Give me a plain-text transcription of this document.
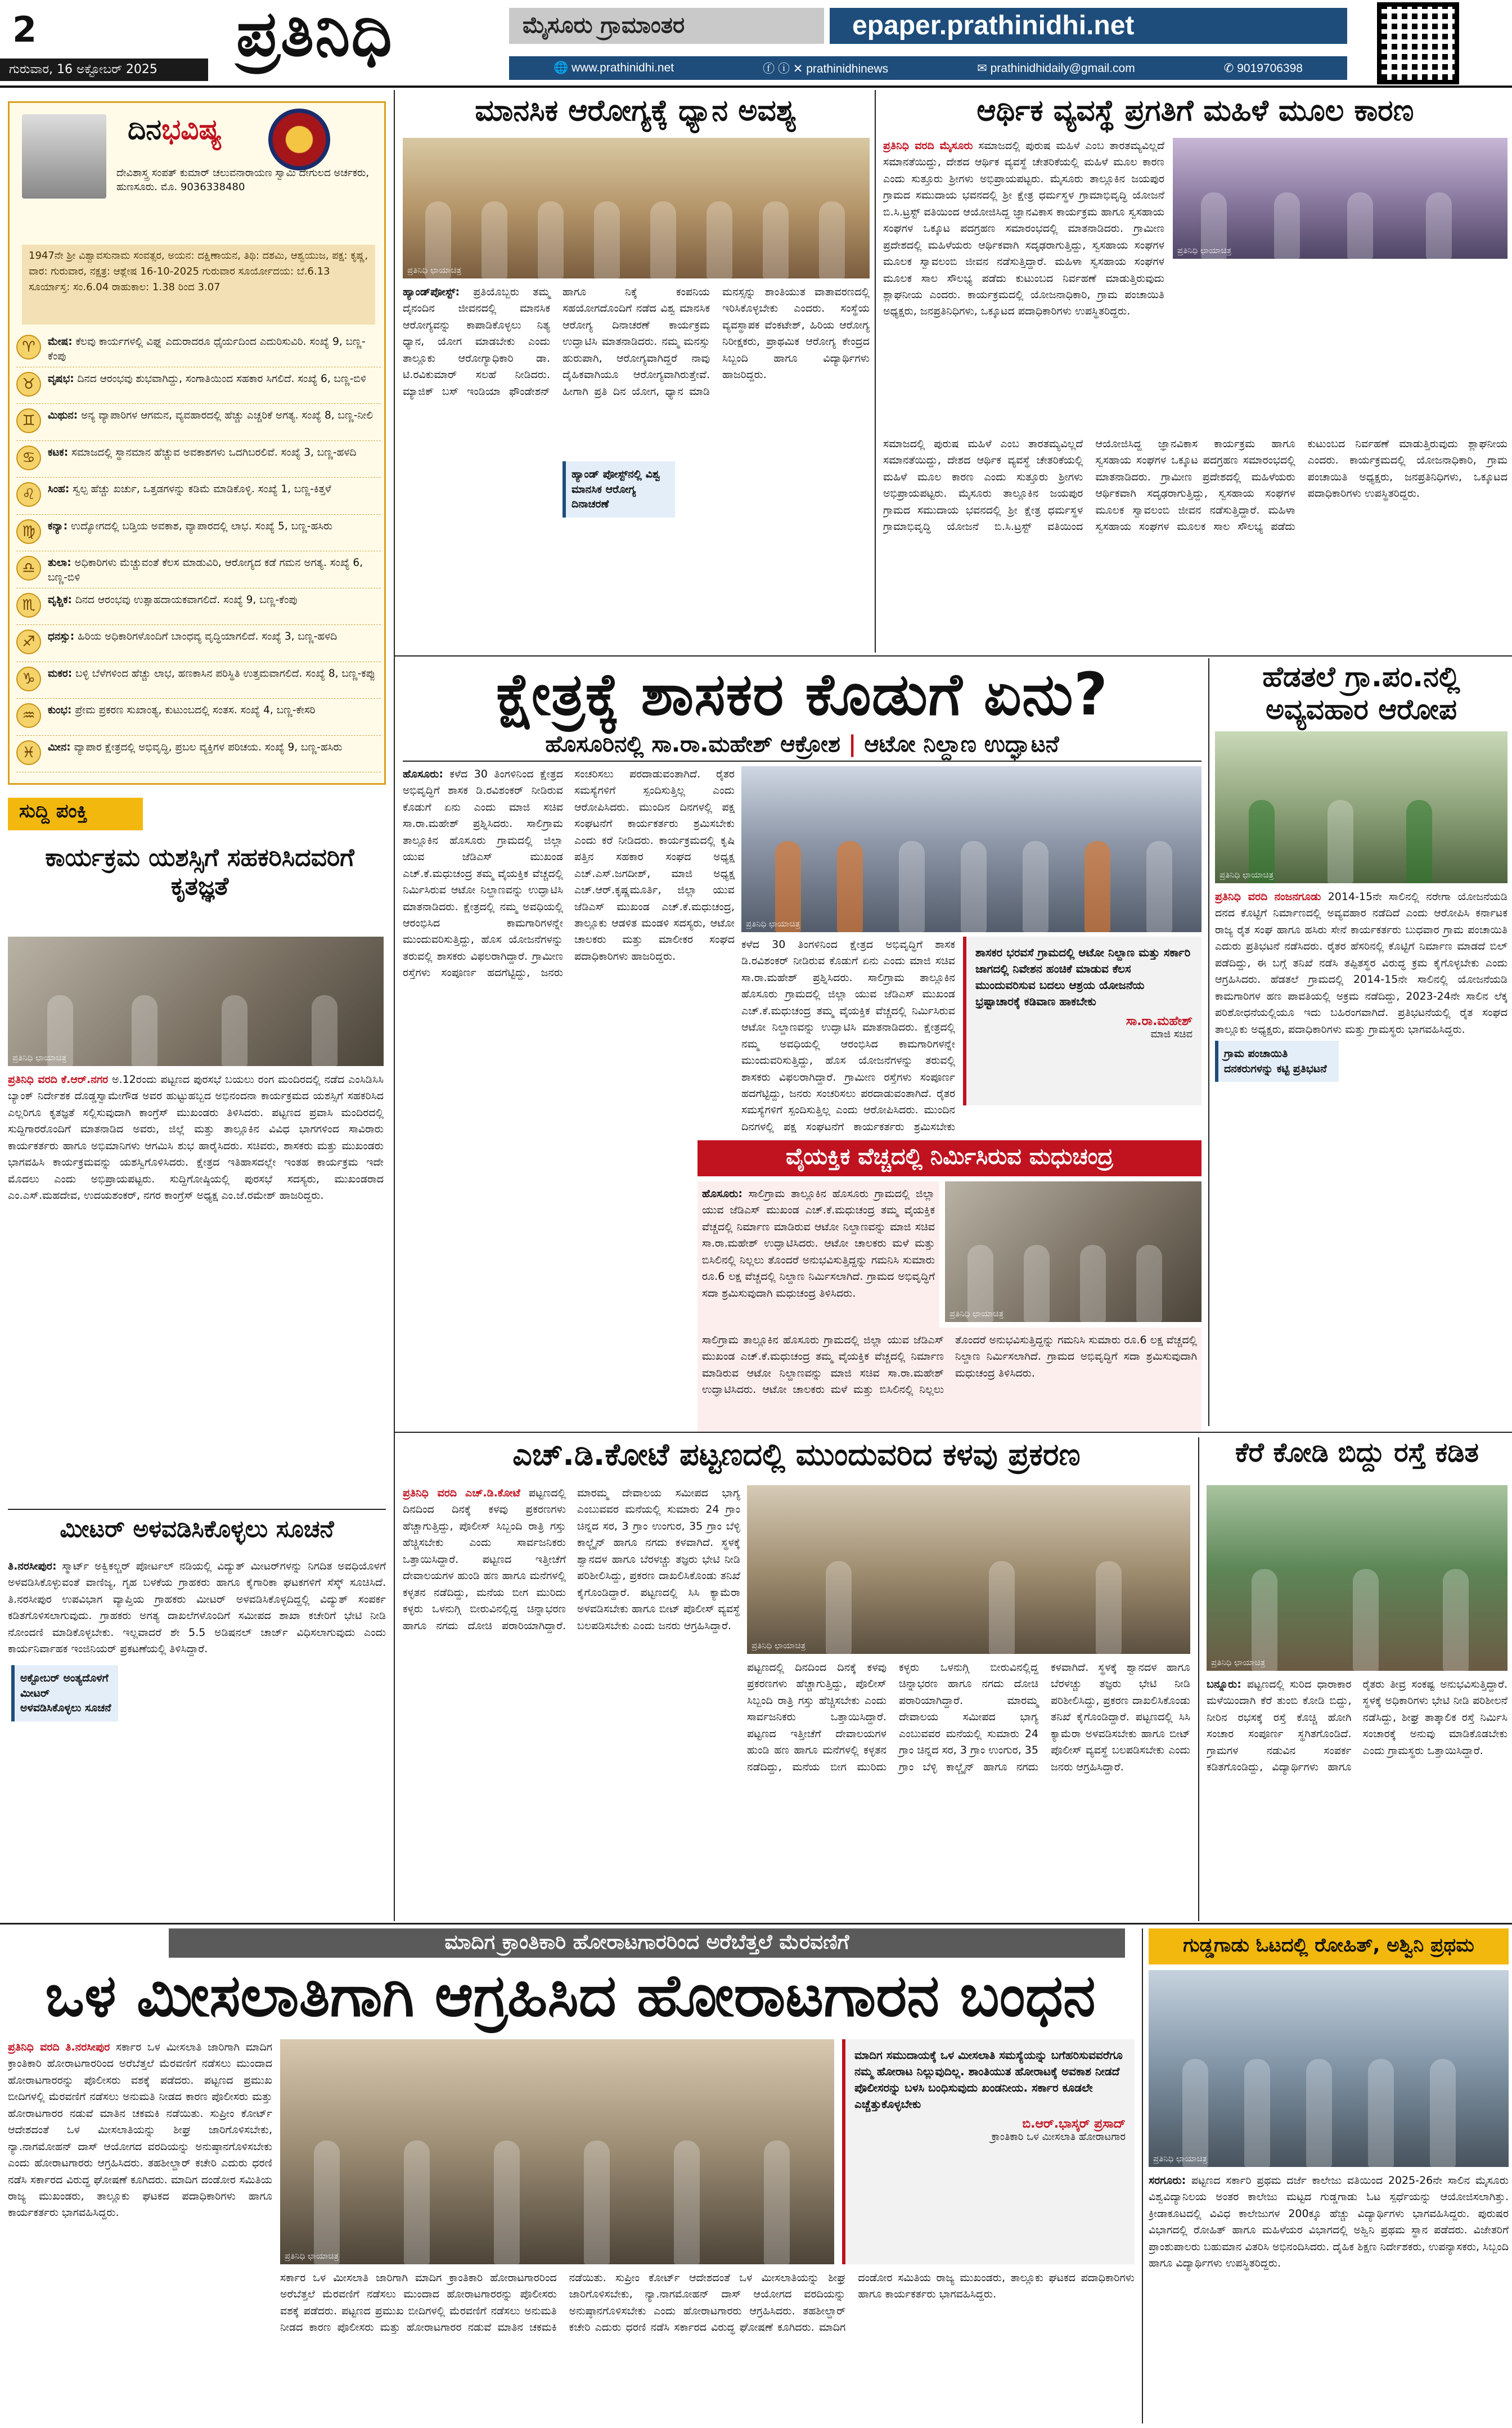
2
ಗುರುವಾರ, 16 ಅಕ್ಟೋಬರ್ 2025	ಪ್ರತಿನಿಧಿ	ಮೈಸೂರು ಗ್ರಾಮಾಂತರ	epaper.prathinidhi.net
🌐 www.prathinidhi.net	ⓕ ⓘ ✕ prathinidhinews	✉ prathinidhidaily@gmail.com	✆ 9019706398
ದಿನಭವಿಷ್ಯ
ದೇವಿಶಾಸ್ತ್ರ ಸಂಪತ್ ಕುಮಾರ್ ಚಲುವನಾರಾಯಣ ಸ್ವಾಮಿ ದೇಗುಲದ ಅರ್ಚಕರು, ಹುಣಸೂರು. ಮೊ. 9036338480
1947ನೇ ಶ್ರೀ ವಿಶ್ವಾವಸುನಾಮ ಸಂವತ್ಸರ, ಅಯನ: ದಕ್ಷಿಣಾಯನ, ತಿಥಿ: ದಶಮಿ, ಆಶ್ವಯುಜ, ಪಕ್ಷ: ಕೃಷ್ಣ, ವಾರ: ಗುರುವಾರ, ನಕ್ಷತ್ರ: ಆಶ್ಲೇಷ 16-10-2025 ಗುರುವಾರ ಸೂರ್ಯೋದಯ: ಬೆ.6.13 ಸೂರ್ಯಾಸ್ತ: ಸಂ.6.04 ರಾಹುಕಾಲ: 1.38 ರಿಂದ 3.07
♈	ಮೇಷ: ಕೆಲವು ಕಾರ್ಯಗಳಲ್ಲಿ ವಿಘ್ನ ಎದುರಾದರೂ ಧೈರ್ಯದಿಂದ ಎದುರಿಸುವಿರಿ. ಸಂಖ್ಯೆ 9, ಬಣ್ಣ-ಕೆಂಪು
♉	ವೃಷಭ: ದಿನದ ಆರಂಭವು ಶುಭವಾಗಿದ್ದು, ಸಂಗಾತಿಯಿಂದ ಸಹಕಾರ ಸಿಗಲಿದೆ. ಸಂಖ್ಯೆ 6, ಬಣ್ಣ-ಬಿಳಿ
♊	ಮಿಥುನ: ಅನ್ಯ ವ್ಯಾಪಾರಿಗಳ ಆಗಮನ, ವ್ಯವಹಾರದಲ್ಲಿ ಹೆಚ್ಚು ಎಚ್ಚರಿಕೆ ಅಗತ್ಯ. ಸಂಖ್ಯೆ 8, ಬಣ್ಣ-ನೀಲಿ
♋	ಕಟಕ: ಸಮಾಜದಲ್ಲಿ ಸ್ಥಾನಮಾನ ಹೆಚ್ಚುವ ಅವಕಾಶಗಳು ಒದಗಿಬರಲಿವೆ. ಸಂಖ್ಯೆ 3, ಬಣ್ಣ-ಹಳದಿ
♌	ಸಿಂಹ: ಸ್ವಲ್ಪ ಹೆಚ್ಚು ಖರ್ಚು, ಒತ್ತಡಗಳನ್ನು ಕಡಿಮೆ ಮಾಡಿಕೊಳ್ಳಿ. ಸಂಖ್ಯೆ 1, ಬಣ್ಣ-ಕಿತ್ತಳೆ
♍	ಕನ್ಯಾ: ಉದ್ಯೋಗದಲ್ಲಿ ಬಡ್ತಿಯ ಅವಕಾಶ, ವ್ಯಾಪಾರದಲ್ಲಿ ಲಾಭ. ಸಂಖ್ಯೆ 5, ಬಣ್ಣ-ಹಸಿರು
♎	ತುಲಾ: ಅಧಿಕಾರಿಗಳು ಮೆಚ್ಚುವಂತೆ ಕೆಲಸ ಮಾಡುವಿರಿ, ಆರೋಗ್ಯದ ಕಡೆ ಗಮನ ಅಗತ್ಯ. ಸಂಖ್ಯೆ 6, ಬಣ್ಣ-ಬಿಳಿ
♏	ವೃಶ್ಚಿಕ: ದಿನದ ಆರಂಭವು ಉತ್ಸಾಹದಾಯಕವಾಗಲಿದೆ. ಸಂಖ್ಯೆ 9, ಬಣ್ಣ-ಕೆಂಪು
♐	ಧನಸ್ಸು: ಹಿರಿಯ ಅಧಿಕಾರಿಗಳೊಂದಿಗೆ ಬಾಂಧವ್ಯ ವೃದ್ಧಿಯಾಗಲಿದೆ. ಸಂಖ್ಯೆ 3, ಬಣ್ಣ-ಹಳದಿ
♑	ಮಕರ: ಬಳ್ಳಿ ಬೆಳೆಗಳಿಂದ ಹೆಚ್ಚು ಲಾಭ, ಹಣಕಾಸಿನ ಪರಿಸ್ಥಿತಿ ಉತ್ತಮವಾಗಲಿದೆ. ಸಂಖ್ಯೆ 8, ಬಣ್ಣ-ಕಪ್ಪು
♒	ಕುಂಭ: ಪ್ರೇಮ ಪ್ರಕರಣ ಸುಖಾಂತ್ಯ, ಕುಟುಂಬದಲ್ಲಿ ಸಂತಸ. ಸಂಖ್ಯೆ 4, ಬಣ್ಣ-ಕೇಸರಿ
♓	ಮೀನ: ವ್ಯಾಪಾರ ಕ್ಷೇತ್ರದಲ್ಲಿ ಅಭಿವೃದ್ಧಿ, ಪ್ರಬಲ ವ್ಯಕ್ತಿಗಳ ಪರಿಚಯ. ಸಂಖ್ಯೆ 9, ಬಣ್ಣ-ಹಸಿರು
ಸುದ್ದಿ ಪಂಕ್ತಿ
ಕಾರ್ಯಕ್ರಮ ಯಶಸ್ಸಿಗೆ ಸಹಕರಿಸಿದವರಿಗೆ ಕೃತಜ್ಞತೆ
ಪ್ರತಿನಿಧಿ ಛಾಯಾಚಿತ್ರ
ಪ್ರತಿನಿಧಿ ವರದಿ ಕೆ.ಆರ್.ನಗರ ಅ.12ರಂದು ಪಟ್ಟಣದ ಪುರಸಭೆ ಬಯಲು ರಂಗ ಮಂದಿರದಲ್ಲಿ ನಡೆದ ಎಂಸಿಡಿಸಿಸಿ ಬ್ಯಾಂಕ್ ನಿರ್ದೇಶಕ ದೊಡ್ಡಸ್ವಾಮೇಗೌಡ ಅವರ ಹುಟ್ಟುಹಬ್ಬದ ಅಭಿನಂದನಾ ಕಾರ್ಯಕ್ರಮದ ಯಶಸ್ಸಿಗೆ ಸಹಕರಿಸಿದ ಎಲ್ಲರಿಗೂ ಕೃತಜ್ಞತೆ ಸಲ್ಲಿಸುವುದಾಗಿ ಕಾಂಗ್ರೆಸ್ ಮುಖಂಡರು ತಿಳಿಸಿದರು. ಪಟ್ಟಣದ ಪ್ರವಾಸಿ ಮಂದಿರದಲ್ಲಿ ಸುದ್ದಿಗಾರರೊಂದಿಗೆ ಮಾತನಾಡಿದ ಅವರು, ಜಿಲ್ಲೆ ಮತ್ತು ತಾಲ್ಲೂಕಿನ ವಿವಿಧ ಭಾಗಗಳಿಂದ ಸಾವಿರಾರು ಕಾರ್ಯಕರ್ತರು ಹಾಗೂ ಅಭಿಮಾನಿಗಳು ಆಗಮಿಸಿ ಶುಭ ಹಾರೈಸಿದರು. ಸಚಿವರು, ಶಾಸಕರು ಮತ್ತು ಮುಖಂಡರು ಭಾಗವಹಿಸಿ ಕಾರ್ಯಕ್ರಮವನ್ನು ಯಶಸ್ವಿಗೊಳಿಸಿದರು. ಕ್ಷೇತ್ರದ ಇತಿಹಾಸದಲ್ಲೇ ಇಂತಹ ಕಾರ್ಯಕ್ರಮ ಇದೇ ಮೊದಲು ಎಂದು ಅಭಿಪ್ರಾಯಪಟ್ಟರು. ಸುದ್ದಿಗೋಷ್ಠಿಯಲ್ಲಿ ಪುರಸಭೆ ಸದಸ್ಯರು, ಮುಖಂಡರಾದ ಎಂ.ಎಸ್.ಮಹದೇವ, ಉದಯಶಂಕರ್, ನಗರ ಕಾಂಗ್ರೆಸ್ ಅಧ್ಯಕ್ಷ ಎಂ.ಜೆ.ರಮೇಶ್ ಹಾಜರಿದ್ದರು.
ಮೀಟರ್ ಅಳವಡಿಸಿಕೊಳ್ಳಲು ಸೂಚನೆ
ತಿ.ನರಸೀಪುರ: ಸ್ಮಾರ್ಟ್ ಅಕ್ವಿಕಲ್ಚರ್ ಪೋರ್ಟಲ್ ನಡಿಯಲ್ಲಿ ವಿದ್ಯುತ್ ಮೀಟರ್‌ಗಳನ್ನು ನಿಗದಿತ ಅವಧಿಯೊಳಗೆ ಅಳವಡಿಸಿಕೊಳ್ಳುವಂತೆ ವಾಣಿಜ್ಯ, ಗೃಹ ಬಳಕೆಯ ಗ್ರಾಹಕರು ಹಾಗೂ ಕೈಗಾರಿಕಾ ಘಟಕಗಳಿಗೆ ಸೆಸ್ಕ್ ಸೂಚಿಸಿದೆ. ತಿ.ನರಸೀಪುರ ಉಪವಿಭಾಗ ವ್ಯಾಪ್ತಿಯ ಗ್ರಾಹಕರು ಮೀಟರ್ ಅಳವಡಿಸಿಕೊಳ್ಳದಿದ್ದಲ್ಲಿ ವಿದ್ಯುತ್ ಸಂಪರ್ಕ ಕಡಿತಗೊಳಿಸಲಾಗುವುದು. ಗ್ರಾಹಕರು ಅಗತ್ಯ ದಾಖಲೆಗಳೊಂದಿಗೆ ಸಮೀಪದ ಶಾಖಾ ಕಚೇರಿಗೆ ಭೇಟಿ ನೀಡಿ ನೋಂದಣಿ ಮಾಡಿಕೊಳ್ಳಬೇಕು. ಇಲ್ಲವಾದರೆ ಶೇ 5.5 ಅಡಿಷನಲ್ ಚಾರ್ಜ್ ವಿಧಿಸಲಾಗುವುದು ಎಂದು ಕಾರ್ಯನಿರ್ವಾಹಕ ಇಂಜಿನಿಯರ್ ಪ್ರಕಟಣೆಯಲ್ಲಿ ತಿಳಿಸಿದ್ದಾರೆ.
ಅಕ್ಟೋಬರ್ ಅಂತ್ಯದೊಳಗೆ ಮೀಟರ್ ಅಳವಡಿಸಿಕೊಳ್ಳಲು ಸೂಚನೆ
ಮಾನಸಿಕ ಆರೋಗ್ಯಕ್ಕೆ ಧ್ಯಾನ ಅವಶ್ಯ
ಪ್ರತಿನಿಧಿ ಛಾಯಾಚಿತ್ರ
ಹ್ಯಾಂಡ್‌ಪೋಸ್ಟ್: ಪ್ರತಿಯೊಬ್ಬರು ತಮ್ಮ ದೈನಂದಿನ ಜೀವನದಲ್ಲಿ ಮಾನಸಿಕ ಆರೋಗ್ಯವನ್ನು ಕಾಪಾಡಿಕೊಳ್ಳಲು ನಿತ್ಯ ಧ್ಯಾನ, ಯೋಗ ಮಾಡಬೇಕು ಎಂದು ತಾಲ್ಲೂಕು ಆರೋಗ್ಯಾಧಿಕಾರಿ ಡಾ. ಟಿ.ರವಿಕುಮಾರ್ ಸಲಹೆ ನೀಡಿದರು. ಮ್ಯಾಜಿಕ್ ಬಸ್ ಇಂಡಿಯಾ ಫೌಂಡೇಶನ್ ಹಾಗೂ ನಿಕ್ಕೆ ಕಂಪನಿಯ ಸಹಯೋಗದೊಂದಿಗೆ ನಡೆದ ವಿಶ್ವ ಮಾನಸಿಕ ಆರೋಗ್ಯ ದಿನಾಚರಣೆ ಕಾರ್ಯಕ್ರಮ ಉದ್ಘಾಟಿಸಿ ಮಾತನಾಡಿದರು. ನಮ್ಮ ಮನಸ್ಸು ಹುರುಪಾಗಿ, ಆರೋಗ್ಯವಾಗಿದ್ದರೆ ನಾವು ದೈಹಿಕವಾಗಿಯೂ ಆರೋಗ್ಯವಾಗಿರುತ್ತೇವೆ. ಹೀಗಾಗಿ ಪ್ರತಿ ದಿನ ಯೋಗ, ಧ್ಯಾನ ಮಾಡಿ ಮನಸ್ಸನ್ನು ಶಾಂತಿಯುತ ವಾತಾವರಣದಲ್ಲಿ ಇರಿಸಿಕೊಳ್ಳಬೇಕು ಎಂದರು. ಸಂಸ್ಥೆಯ ವ್ಯವಸ್ಥಾಪಕ ವೆಂಕಟೇಶ್, ಹಿರಿಯ ಆರೋಗ್ಯ ನಿರೀಕ್ಷಕರು, ಪ್ರಾಥಮಿಕ ಆರೋಗ್ಯ ಕೇಂದ್ರದ ಸಿಬ್ಬಂದಿ ಹಾಗೂ ವಿದ್ಯಾರ್ಥಿಗಳು ಹಾಜರಿದ್ದರು.
ಹ್ಯಾಂಡ್ ಪೋಸ್ಟ್‌ನಲ್ಲಿ ವಿಶ್ವ ಮಾನಸಿಕ ಆರೋಗ್ಯ ದಿನಾಚರಣೆ
ಆರ್ಥಿಕ ವ್ಯವಸ್ಥೆ ಪ್ರಗತಿಗೆ ಮಹಿಳೆ ಮೂಲ ಕಾರಣ
ಪ್ರತಿನಿಧಿ ವರದಿ ಮೈಸೂರು ಸಮಾಜದಲ್ಲಿ ಪುರುಷ ಮಹಿಳೆ ಎಂಬ ತಾರತಮ್ಯವಿಲ್ಲದೆ ಸಮಾನತೆಯಿದ್ದು, ದೇಶದ ಆರ್ಥಿಕ ವ್ಯವಸ್ಥೆ ಚೇತರಿಕೆಯಲ್ಲಿ ಮಹಿಳೆ ಮೂಲ ಕಾರಣ ಎಂದು ಸುತ್ತೂರು ಶ್ರೀಗಳು ಅಭಿಪ್ರಾಯಪಟ್ಟರು. ಮೈಸೂರು ತಾಲ್ಲೂಕಿನ ಜಯಪುರ ಗ್ರಾಮದ ಸಮುದಾಯ ಭವನದಲ್ಲಿ ಶ್ರೀ ಕ್ಷೇತ್ರ ಧರ್ಮಸ್ಥಳ ಗ್ರಾಮಾಭಿವೃದ್ಧಿ ಯೋಜನೆ ಬಿ.ಸಿ.ಟ್ರಸ್ಟ್ ವತಿಯಿಂದ ಆಯೋಜಿಸಿದ್ದ ಜ್ಞಾನವಿಕಾಸ ಕಾರ್ಯಕ್ರಮ ಹಾಗೂ ಸ್ವಸಹಾಯ ಸಂಘಗಳ ಒಕ್ಕೂಟ ಪದಗ್ರಹಣ ಸಮಾರಂಭದಲ್ಲಿ ಮಾತನಾಡಿದರು. ಗ್ರಾಮೀಣ ಪ್ರದೇಶದಲ್ಲಿ ಮಹಿಳೆಯರು ಆರ್ಥಿಕವಾಗಿ ಸದೃಢರಾಗುತ್ತಿದ್ದು, ಸ್ವಸಹಾಯ ಸಂಘಗಳ ಮೂಲಕ ಸ್ವಾವಲಂಬಿ ಜೀವನ ನಡೆಸುತ್ತಿದ್ದಾರೆ. ಮಹಿಳಾ ಸ್ವಸಹಾಯ ಸಂಘಗಳ ಮೂಲಕ ಸಾಲ ಸೌಲಭ್ಯ ಪಡೆದು ಕುಟುಂಬದ ನಿರ್ವಹಣೆ ಮಾಡುತ್ತಿರುವುದು ಶ್ಲಾಘನೀಯ ಎಂದರು. ಕಾರ್ಯಕ್ರಮದಲ್ಲಿ ಯೋಜನಾಧಿಕಾರಿ, ಗ್ರಾಮ ಪಂಚಾಯಿತಿ ಅಧ್ಯಕ್ಷರು, ಜನಪ್ರತಿನಿಧಿಗಳು, ಒಕ್ಕೂಟದ ಪದಾಧಿಕಾರಿಗಳು ಉಪಸ್ಥಿತರಿದ್ದರು.
ಪ್ರತಿನಿಧಿ ಛಾಯಾಚಿತ್ರ
ಸಮಾಜದಲ್ಲಿ ಪುರುಷ ಮಹಿಳೆ ಎಂಬ ತಾರತಮ್ಯವಿಲ್ಲದೆ ಸಮಾನತೆಯಿದ್ದು, ದೇಶದ ಆರ್ಥಿಕ ವ್ಯವಸ್ಥೆ ಚೇತರಿಕೆಯಲ್ಲಿ ಮಹಿಳೆ ಮೂಲ ಕಾರಣ ಎಂದು ಸುತ್ತೂರು ಶ್ರೀಗಳು ಅಭಿಪ್ರಾಯಪಟ್ಟರು. ಮೈಸೂರು ತಾಲ್ಲೂಕಿನ ಜಯಪುರ ಗ್ರಾಮದ ಸಮುದಾಯ ಭವನದಲ್ಲಿ ಶ್ರೀ ಕ್ಷೇತ್ರ ಧರ್ಮಸ್ಥಳ ಗ್ರಾಮಾಭಿವೃದ್ಧಿ ಯೋಜನೆ ಬಿ.ಸಿ.ಟ್ರಸ್ಟ್ ವತಿಯಿಂದ ಆಯೋಜಿಸಿದ್ದ ಜ್ಞಾನವಿಕಾಸ ಕಾರ್ಯಕ್ರಮ ಹಾಗೂ ಸ್ವಸಹಾಯ ಸಂಘಗಳ ಒಕ್ಕೂಟ ಪದಗ್ರಹಣ ಸಮಾರಂಭದಲ್ಲಿ ಮಾತನಾಡಿದರು. ಗ್ರಾಮೀಣ ಪ್ರದೇಶದಲ್ಲಿ ಮಹಿಳೆಯರು ಆರ್ಥಿಕವಾಗಿ ಸದೃಢರಾಗುತ್ತಿದ್ದು, ಸ್ವಸಹಾಯ ಸಂಘಗಳ ಮೂಲಕ ಸ್ವಾವಲಂಬಿ ಜೀವನ ನಡೆಸುತ್ತಿದ್ದಾರೆ. ಮಹಿಳಾ ಸ್ವಸಹಾಯ ಸಂಘಗಳ ಮೂಲಕ ಸಾಲ ಸೌಲಭ್ಯ ಪಡೆದು ಕುಟುಂಬದ ನಿರ್ವಹಣೆ ಮಾಡುತ್ತಿರುವುದು ಶ್ಲಾಘನೀಯ ಎಂದರು. ಕಾರ್ಯಕ್ರಮದಲ್ಲಿ ಯೋಜನಾಧಿಕಾರಿ, ಗ್ರಾಮ ಪಂಚಾಯಿತಿ ಅಧ್ಯಕ್ಷರು, ಜನಪ್ರತಿನಿಧಿಗಳು, ಒಕ್ಕೂಟದ ಪದಾಧಿಕಾರಿಗಳು ಉಪಸ್ಥಿತರಿದ್ದರು.
ಕ್ಷೇತ್ರಕ್ಕೆ ಶಾಸಕರ ಕೊಡುಗೆ ಏನು?
ಹೊಸೂರಿನಲ್ಲಿ ಸಾ.ರಾ.ಮಹೇಶ್ ಆಕ್ರೋಶ | ಆಟೋ ನಿಲ್ದಾಣ ಉದ್ಘಾಟನೆ
ಹೊಸೂರು: ಕಳೆದ 30 ತಿಂಗಳಿನಿಂದ ಕ್ಷೇತ್ರದ ಅಭಿವೃದ್ಧಿಗೆ ಶಾಸಕ ಡಿ.ರವಿಶಂಕರ್ ನೀಡಿರುವ ಕೊಡುಗೆ ಏನು ಎಂದು ಮಾಜಿ ಸಚಿವ ಸಾ.ರಾ.ಮಹೇಶ್ ಪ್ರಶ್ನಿಸಿದರು. ಸಾಲಿಗ್ರಾಮ ತಾಲ್ಲೂಕಿನ ಹೊಸೂರು ಗ್ರಾಮದಲ್ಲಿ ಜಿಲ್ಲಾ ಯುವ ಜೆಡಿಎಸ್ ಮುಖಂಡ ಎಚ್.ಕೆ.ಮಧುಚಂದ್ರ ತಮ್ಮ ವೈಯಕ್ತಿಕ ವೆಚ್ಚದಲ್ಲಿ ನಿರ್ಮಿಸಿರುವ ಆಟೋ ನಿಲ್ದಾಣವನ್ನು ಉದ್ಘಾಟಿಸಿ ಮಾತನಾಡಿದರು. ಕ್ಷೇತ್ರದಲ್ಲಿ ನಮ್ಮ ಅವಧಿಯಲ್ಲಿ ಆರಂಭಿಸಿದ ಕಾಮಗಾರಿಗಳನ್ನೇ ಮುಂದುವರಿಸುತ್ತಿದ್ದು, ಹೊಸ ಯೋಜನೆಗಳನ್ನು ತರುವಲ್ಲಿ ಶಾಸಕರು ವಿಫಲರಾಗಿದ್ದಾರೆ. ಗ್ರಾಮೀಣ ರಸ್ತೆಗಳು ಸಂಪೂರ್ಣ ಹದಗೆಟ್ಟಿದ್ದು, ಜನರು ಸಂಚರಿಸಲು ಪರದಾಡುವಂತಾಗಿದೆ. ರೈತರ ಸಮಸ್ಯೆಗಳಿಗೆ ಸ್ಪಂದಿಸುತ್ತಿಲ್ಲ ಎಂದು ಆರೋಪಿಸಿದರು. ಮುಂದಿನ ದಿನಗಳಲ್ಲಿ ಪಕ್ಷ ಸಂಘಟನೆಗೆ ಕಾರ್ಯಕರ್ತರು ಶ್ರಮಿಸಬೇಕು ಎಂದು ಕರೆ ನೀಡಿದರು. ಕಾರ್ಯಕ್ರಮದಲ್ಲಿ ಕೃಷಿ ಪತ್ತಿನ ಸಹಕಾರ ಸಂಘದ ಅಧ್ಯಕ್ಷ ಎಚ್.ಎಸ್.ಜಗದೀಶ್, ಮಾಜಿ ಅಧ್ಯಕ್ಷ ಎಚ್.ಆರ್.ಕೃಷ್ಣಮೂರ್ತಿ, ಜಿಲ್ಲಾ ಯುವ ಜೆಡಿಎಸ್ ಮುಖಂಡ ಎಚ್.ಕೆ.ಮಧುಚಂದ್ರ, ತಾಲ್ಲೂಕು ಆಡಳಿತ ಮಂಡಳಿ ಸದಸ್ಯರು, ಆಟೋ ಚಾಲಕರು ಮತ್ತು ಮಾಲೀಕರ ಸಂಘದ ಪದಾಧಿಕಾರಿಗಳು ಹಾಜರಿದ್ದರು.
ಪ್ರತಿನಿಧಿ ಛಾಯಾಚಿತ್ರ
ಕಳೆದ 30 ತಿಂಗಳಿನಿಂದ ಕ್ಷೇತ್ರದ ಅಭಿವೃದ್ಧಿಗೆ ಶಾಸಕ ಡಿ.ರವಿಶಂಕರ್ ನೀಡಿರುವ ಕೊಡುಗೆ ಏನು ಎಂದು ಮಾಜಿ ಸಚಿವ ಸಾ.ರಾ.ಮಹೇಶ್ ಪ್ರಶ್ನಿಸಿದರು. ಸಾಲಿಗ್ರಾಮ ತಾಲ್ಲೂಕಿನ ಹೊಸೂರು ಗ್ರಾಮದಲ್ಲಿ ಜಿಲ್ಲಾ ಯುವ ಜೆಡಿಎಸ್ ಮುಖಂಡ ಎಚ್.ಕೆ.ಮಧುಚಂದ್ರ ತಮ್ಮ ವೈಯಕ್ತಿಕ ವೆಚ್ಚದಲ್ಲಿ ನಿರ್ಮಿಸಿರುವ ಆಟೋ ನಿಲ್ದಾಣವನ್ನು ಉದ್ಘಾಟಿಸಿ ಮಾತನಾಡಿದರು. ಕ್ಷೇತ್ರದಲ್ಲಿ ನಮ್ಮ ಅವಧಿಯಲ್ಲಿ ಆರಂಭಿಸಿದ ಕಾಮಗಾರಿಗಳನ್ನೇ ಮುಂದುವರಿಸುತ್ತಿದ್ದು, ಹೊಸ ಯೋಜನೆಗಳನ್ನು ತರುವಲ್ಲಿ ಶಾಸಕರು ವಿಫಲರಾಗಿದ್ದಾರೆ. ಗ್ರಾಮೀಣ ರಸ್ತೆಗಳು ಸಂಪೂರ್ಣ ಹದಗೆಟ್ಟಿದ್ದು, ಜನರು ಸಂಚರಿಸಲು ಪರದಾಡುವಂತಾಗಿದೆ. ರೈತರ ಸಮಸ್ಯೆಗಳಿಗೆ ಸ್ಪಂದಿಸುತ್ತಿಲ್ಲ ಎಂದು ಆರೋಪಿಸಿದರು. ಮುಂದಿನ ದಿನಗಳಲ್ಲಿ ಪಕ್ಷ ಸಂಘಟನೆಗೆ ಕಾರ್ಯಕರ್ತರು ಶ್ರಮಿಸಬೇಕು
ಶಾಸಕರ ಭರವಸೆ ಗ್ರಾಮದಲ್ಲಿ ಆಟೋ ನಿಲ್ದಾಣ ಮತ್ತು ಸರ್ಕಾರಿ ಜಾಗದಲ್ಲಿ ನಿವೇಶನ ಹಂಚಿಕೆ ಮಾಡುವ ಕೆಲಸ ಮುಂದುವರಿಸುವ ಬದಲು ಆಶ್ರಯ ಯೋಜನೆಯ ಭ್ರಷ್ಟಾಚಾರಕ್ಕೆ ಕಡಿವಾಣ ಹಾಕಬೇಕು
ಸಾ.ರಾ.ಮಹೇಶ್
ಮಾಜಿ ಸಚಿವ
ವೈಯಕ್ತಿಕ ವೆಚ್ಚದಲ್ಲಿ ನಿರ್ಮಿಸಿರುವ ಮಧುಚಂದ್ರ
ಹೊಸೂರು: ಸಾಲಿಗ್ರಾಮ ತಾಲ್ಲೂಕಿನ ಹೊಸೂರು ಗ್ರಾಮದಲ್ಲಿ ಜಿಲ್ಲಾ ಯುವ ಜೆಡಿಎಸ್ ಮುಖಂಡ ಎಚ್.ಕೆ.ಮಧುಚಂದ್ರ ತಮ್ಮ ವೈಯಕ್ತಿಕ ವೆಚ್ಚದಲ್ಲಿ ನಿರ್ಮಾಣ ಮಾಡಿರುವ ಆಟೋ ನಿಲ್ದಾಣವನ್ನು ಮಾಜಿ ಸಚಿವ ಸಾ.ರಾ.ಮಹೇಶ್ ಉದ್ಘಾಟಿಸಿದರು. ಆಟೋ ಚಾಲಕರು ಮಳೆ ಮತ್ತು ಬಿಸಿಲಿನಲ್ಲಿ ನಿಲ್ಲಲು ತೊಂದರೆ ಅನುಭವಿಸುತ್ತಿದ್ದನ್ನು ಗಮನಿಸಿ ಸುಮಾರು ರೂ.6 ಲಕ್ಷ ವೆಚ್ಚದಲ್ಲಿ ನಿಲ್ದಾಣ ನಿರ್ಮಿಸಲಾಗಿದೆ. ಗ್ರಾಮದ ಅಭಿವೃದ್ಧಿಗೆ ಸದಾ ಶ್ರಮಿಸುವುದಾಗಿ ಮಧುಚಂದ್ರ ತಿಳಿಸಿದರು.
ಪ್ರತಿನಿಧಿ ಛಾಯಾಚಿತ್ರ
ಸಾಲಿಗ್ರಾಮ ತಾಲ್ಲೂಕಿನ ಹೊಸೂರು ಗ್ರಾಮದಲ್ಲಿ ಜಿಲ್ಲಾ ಯುವ ಜೆಡಿಎಸ್ ಮುಖಂಡ ಎಚ್.ಕೆ.ಮಧುಚಂದ್ರ ತಮ್ಮ ವೈಯಕ್ತಿಕ ವೆಚ್ಚದಲ್ಲಿ ನಿರ್ಮಾಣ ಮಾಡಿರುವ ಆಟೋ ನಿಲ್ದಾಣವನ್ನು ಮಾಜಿ ಸಚಿವ ಸಾ.ರಾ.ಮಹೇಶ್ ಉದ್ಘಾಟಿಸಿದರು. ಆಟೋ ಚಾಲಕರು ಮಳೆ ಮತ್ತು ಬಿಸಿಲಿನಲ್ಲಿ ನಿಲ್ಲಲು ತೊಂದರೆ ಅನುಭವಿಸುತ್ತಿದ್ದನ್ನು ಗಮನಿಸಿ ಸುಮಾರು ರೂ.6 ಲಕ್ಷ ವೆಚ್ಚದಲ್ಲಿ ನಿಲ್ದಾಣ ನಿರ್ಮಿಸಲಾಗಿದೆ. ಗ್ರಾಮದ ಅಭಿವೃದ್ಧಿಗೆ ಸದಾ ಶ್ರಮಿಸುವುದಾಗಿ ಮಧುಚಂದ್ರ ತಿಳಿಸಿದರು.
ಹೆಡತಲೆ ಗ್ರಾ.ಪಂ.ನಲ್ಲಿ ಅವ್ಯವಹಾರ ಆರೋಪ
ಪ್ರತಿನಿಧಿ ಛಾಯಾಚಿತ್ರ
ಪ್ರತಿನಿಧಿ ವರದಿ ನಂಜನಗೂಡು 2014-15ನೇ ಸಾಲಿನಲ್ಲಿ ನರೇಗಾ ಯೋಜನೆಯಡಿ ದನದ ಕೊಟ್ಟಿಗೆ ನಿರ್ಮಾಣದಲ್ಲಿ ಅವ್ಯವಹಾರ ನಡೆದಿದೆ ಎಂದು ಆರೋಪಿಸಿ ಕರ್ನಾಟಕ ರಾಜ್ಯ ರೈತ ಸಂಘ ಹಾಗೂ ಹಸಿರು ಸೇನೆ ಕಾರ್ಯಕರ್ತರು ಬುಧವಾರ ಗ್ರಾಮ ಪಂಚಾಯಿತಿ ಎದುರು ಪ್ರತಿಭಟನೆ ನಡೆಸಿದರು. ರೈತರ ಹೆಸರಿನಲ್ಲಿ ಕೊಟ್ಟಿಗೆ ನಿರ್ಮಾಣ ಮಾಡದೆ ಬಿಲ್ ಪಡೆದಿದ್ದು, ಈ ಬಗ್ಗೆ ತನಿಖೆ ನಡೆಸಿ ತಪ್ಪಿತಸ್ಥರ ವಿರುದ್ಧ ಕ್ರಮ ಕೈಗೊಳ್ಳಬೇಕು ಎಂದು ಆಗ್ರಹಿಸಿದರು. ಹೆಡತಲೆ ಗ್ರಾಮದಲ್ಲಿ 2014-15ನೇ ಸಾಲಿನಲ್ಲಿ ಯೋಜನೆಯಡಿ ಕಾಮಗಾರಿಗಳ ಹಣ ಪಾವತಿಯಲ್ಲಿ ಅಕ್ರಮ ನಡೆದಿದ್ದು, 2023-24ನೇ ಸಾಲಿನ ಲೆಕ್ಕ ಪರಿಶೋಧನೆಯಲ್ಲಿಯೂ ಇದು ಬಹಿರಂಗವಾಗಿದೆ. ಪ್ರತಿಭಟನೆಯಲ್ಲಿ ರೈತ ಸಂಘದ ತಾಲ್ಲೂಕು ಅಧ್ಯಕ್ಷರು, ಪದಾಧಿಕಾರಿಗಳು ಮತ್ತು ಗ್ರಾಮಸ್ಥರು ಭಾಗವಹಿಸಿದ್ದರು.
ಗ್ರಾಮ ಪಂಚಾಯಿತಿ ದನಕರುಗಳನ್ನು ಕಟ್ಟಿ ಪ್ರತಿಭಟನೆ
ಎಚ್.ಡಿ.ಕೋಟೆ ಪಟ್ಟಣದಲ್ಲಿ ಮುಂದುವರಿದ ಕಳವು ಪ್ರಕರಣ
ಪ್ರತಿನಿಧಿ ವರದಿ ಎಚ್.ಡಿ.ಕೋಟೆ ಪಟ್ಟಣದಲ್ಲಿ ದಿನದಿಂದ ದಿನಕ್ಕೆ ಕಳವು ಪ್ರಕರಣಗಳು ಹೆಚ್ಚಾಗುತ್ತಿದ್ದು, ಪೊಲೀಸ್ ಸಿಬ್ಬಂದಿ ರಾತ್ರಿ ಗಸ್ತು ಹೆಚ್ಚಿಸಬೇಕು ಎಂದು ಸಾರ್ವಜನಿಕರು ಒತ್ತಾಯಿಸಿದ್ದಾರೆ. ಪಟ್ಟಣದ ಇತ್ತೀಚೆಗೆ ದೇವಾಲಯಗಳ ಹುಂಡಿ ಹಣ ಹಾಗೂ ಮನೆಗಳಲ್ಲಿ ಕಳ್ಳತನ ನಡೆದಿದ್ದು, ಮನೆಯ ಬೀಗ ಮುರಿದು ಕಳ್ಳರು ಒಳನುಗ್ಗಿ ಬೀರುವಿನಲ್ಲಿದ್ದ ಚಿನ್ನಾಭರಣ ಹಾಗೂ ನಗದು ದೋಚಿ ಪರಾರಿಯಾಗಿದ್ದಾರೆ. ಮಾರಮ್ಮ ದೇವಾಲಯ ಸಮೀಪದ ಭಾಗ್ಯ ಎಂಬುವವರ ಮನೆಯಲ್ಲಿ ಸುಮಾರು 24 ಗ್ರಾಂ ಚಿನ್ನದ ಸರ, 3 ಗ್ರಾಂ ಉಂಗುರ, 35 ಗ್ರಾಂ ಬೆಳ್ಳಿ ಕಾಲ್ಚೈನ್ ಹಾಗೂ ನಗದು ಕಳವಾಗಿದೆ. ಸ್ಥಳಕ್ಕೆ ಶ್ವಾನದಳ ಹಾಗೂ ಬೆರಳಚ್ಚು ತಜ್ಞರು ಭೇಟಿ ನೀಡಿ ಪರಿಶೀಲಿಸಿದ್ದು, ಪ್ರಕರಣ ದಾಖಲಿಸಿಕೊಂಡು ತನಿಖೆ ಕೈಗೊಂಡಿದ್ದಾರೆ. ಪಟ್ಟಣದಲ್ಲಿ ಸಿಸಿ ಕ್ಯಾಮೆರಾ ಅಳವಡಿಸಬೇಕು ಹಾಗೂ ಬೀಟ್ ಪೊಲೀಸ್ ವ್ಯವಸ್ಥೆ ಬಲಪಡಿಸಬೇಕು ಎಂದು ಜನರು ಆಗ್ರಹಿಸಿದ್ದಾರೆ.
ಪ್ರತಿನಿಧಿ ಛಾಯಾಚಿತ್ರ
ಪಟ್ಟಣದಲ್ಲಿ ದಿನದಿಂದ ದಿನಕ್ಕೆ ಕಳವು ಪ್ರಕರಣಗಳು ಹೆಚ್ಚಾಗುತ್ತಿದ್ದು, ಪೊಲೀಸ್ ಸಿಬ್ಬಂದಿ ರಾತ್ರಿ ಗಸ್ತು ಹೆಚ್ಚಿಸಬೇಕು ಎಂದು ಸಾರ್ವಜನಿಕರು ಒತ್ತಾಯಿಸಿದ್ದಾರೆ. ಪಟ್ಟಣದ ಇತ್ತೀಚೆಗೆ ದೇವಾಲಯಗಳ ಹುಂಡಿ ಹಣ ಹಾಗೂ ಮನೆಗಳಲ್ಲಿ ಕಳ್ಳತನ ನಡೆದಿದ್ದು, ಮನೆಯ ಬೀಗ ಮುರಿದು ಕಳ್ಳರು ಒಳನುಗ್ಗಿ ಬೀರುವಿನಲ್ಲಿದ್ದ ಚಿನ್ನಾಭರಣ ಹಾಗೂ ನಗದು ದೋಚಿ ಪರಾರಿಯಾಗಿದ್ದಾರೆ. ಮಾರಮ್ಮ ದೇವಾಲಯ ಸಮೀಪದ ಭಾಗ್ಯ ಎಂಬುವವರ ಮನೆಯಲ್ಲಿ ಸುಮಾರು 24 ಗ್ರಾಂ ಚಿನ್ನದ ಸರ, 3 ಗ್ರಾಂ ಉಂಗುರ, 35 ಗ್ರಾಂ ಬೆಳ್ಳಿ ಕಾಲ್ಚೈನ್ ಹಾಗೂ ನಗದು ಕಳವಾಗಿದೆ. ಸ್ಥಳಕ್ಕೆ ಶ್ವಾನದಳ ಹಾಗೂ ಬೆರಳಚ್ಚು ತಜ್ಞರು ಭೇಟಿ ನೀಡಿ ಪರಿಶೀಲಿಸಿದ್ದು, ಪ್ರಕರಣ ದಾಖಲಿಸಿಕೊಂಡು ತನಿಖೆ ಕೈಗೊಂಡಿದ್ದಾರೆ. ಪಟ್ಟಣದಲ್ಲಿ ಸಿಸಿ ಕ್ಯಾಮೆರಾ ಅಳವಡಿಸಬೇಕು ಹಾಗೂ ಬೀಟ್ ಪೊಲೀಸ್ ವ್ಯವಸ್ಥೆ ಬಲಪಡಿಸಬೇಕು ಎಂದು ಜನರು ಆಗ್ರಹಿಸಿದ್ದಾರೆ.
ಕೆರೆ ಕೋಡಿ ಬಿದ್ದು ರಸ್ತೆ ಕಡಿತ
ಪ್ರತಿನಿಧಿ ಛಾಯಾಚಿತ್ರ
ಬನ್ನೂರು: ಪಟ್ಟಣದಲ್ಲಿ ಸುರಿದ ಧಾರಾಕಾರ ಮಳೆಯಿಂದಾಗಿ ಕೆರೆ ತುಂಬಿ ಕೋಡಿ ಬಿದ್ದು, ನೀರಿನ ರಭಸಕ್ಕೆ ರಸ್ತೆ ಕೊಚ್ಚಿ ಹೋಗಿ ಸಂಚಾರ ಸಂಪೂರ್ಣ ಸ್ಥಗಿತಗೊಂಡಿದೆ. ಗ್ರಾಮಗಳ ನಡುವಿನ ಸಂಪರ್ಕ ಕಡಿತಗೊಂಡಿದ್ದು, ವಿದ್ಯಾರ್ಥಿಗಳು ಹಾಗೂ ರೈತರು ತೀವ್ರ ಸಂಕಷ್ಟ ಅನುಭವಿಸುತ್ತಿದ್ದಾರೆ. ಸ್ಥಳಕ್ಕೆ ಅಧಿಕಾರಿಗಳು ಭೇಟಿ ನೀಡಿ ಪರಿಶೀಲನೆ ನಡೆಸಿದ್ದು, ಶೀಘ್ರ ತಾತ್ಕಾಲಿಕ ರಸ್ತೆ ನಿರ್ಮಿಸಿ ಸಂಚಾರಕ್ಕೆ ಅನುವು ಮಾಡಿಕೊಡಬೇಕು ಎಂದು ಗ್ರಾಮಸ್ಥರು ಒತ್ತಾಯಿಸಿದ್ದಾರೆ.
ಮಾದಿಗ ಕ್ರಾಂತಿಕಾರಿ ಹೋರಾಟಗಾರರಿಂದ ಅರೆಬೆತ್ತಲೆ ಮೆರವಣಿಗೆ
ಒಳ ಮೀಸಲಾತಿಗಾಗಿ ಆಗ್ರಹಿಸಿದ ಹೋರಾಟಗಾರನ ಬಂಧನ
ಪ್ರತಿನಿಧಿ ವರದಿ ತಿ.ನರಸೀಪುರ ಸರ್ಕಾರ ಒಳ ಮೀಸಲಾತಿ ಜಾರಿಗಾಗಿ ಮಾದಿಗ ಕ್ರಾಂತಿಕಾರಿ ಹೋರಾಟಗಾರರಿಂದ ಅರೆಬೆತ್ತಲೆ ಮೆರವಣಿಗೆ ನಡೆಸಲು ಮುಂದಾದ ಹೋರಾಟಗಾರರನ್ನು ಪೊಲೀಸರು ವಶಕ್ಕೆ ಪಡೆದರು. ಪಟ್ಟಣದ ಪ್ರಮುಖ ಬೀದಿಗಳಲ್ಲಿ ಮೆರವಣಿಗೆ ನಡೆಸಲು ಅನುಮತಿ ನೀಡದ ಕಾರಣ ಪೊಲೀಸರು ಮತ್ತು ಹೋರಾಟಗಾರರ ನಡುವೆ ಮಾತಿನ ಚಕಮಕಿ ನಡೆಯಿತು. ಸುಪ್ರೀಂ ಕೋರ್ಟ್ ಆದೇಶದಂತೆ ಒಳ ಮೀಸಲಾತಿಯನ್ನು ಶೀಘ್ರ ಜಾರಿಗೊಳಿಸಬೇಕು, ನ್ಯಾ.ನಾಗಮೋಹನ್ ದಾಸ್ ಆಯೋಗದ ವರದಿಯನ್ನು ಅನುಷ್ಠಾನಗೊಳಿಸಬೇಕು ಎಂದು ಹೋರಾಟಗಾರರು ಆಗ್ರಹಿಸಿದರು. ತಹಶೀಲ್ದಾರ್ ಕಚೇರಿ ಎದುರು ಧರಣಿ ನಡೆಸಿ ಸರ್ಕಾರದ ವಿರುದ್ಧ ಘೋಷಣೆ ಕೂಗಿದರು. ಮಾದಿಗ ದಂಡೋರ ಸಮಿತಿಯ ರಾಜ್ಯ ಮುಖಂಡರು, ತಾಲ್ಲೂಕು ಘಟಕದ ಪದಾಧಿಕಾರಿಗಳು ಹಾಗೂ ಕಾರ್ಯಕರ್ತರು ಭಾಗವಹಿಸಿದ್ದರು.
ಪ್ರತಿನಿಧಿ ಛಾಯಾಚಿತ್ರ
ಮಾದಿಗ ಸಮುದಾಯಕ್ಕೆ ಒಳ ಮೀಸಲಾತಿ ಸಮಸ್ಯೆಯನ್ನು ಬಗೆಹರಿಸುವವರೆಗೂ ನಮ್ಮ ಹೋರಾಟ ನಿಲ್ಲುವುದಿಲ್ಲ. ಶಾಂತಿಯುತ ಹೋರಾಟಕ್ಕೆ ಅವಕಾಶ ನೀಡದೆ ಪೊಲೀಸರನ್ನು ಬಳಸಿ ಬಂಧಿಸುವುದು ಖಂಡನೀಯ. ಸರ್ಕಾರ ಕೂಡಲೇ ಎಚ್ಚೆತ್ತುಕೊಳ್ಳಬೇಕು
ಬಿ.ಆರ್.ಭಾಸ್ಕರ್ ಪ್ರಸಾದ್
ಕ್ರಾಂತಿಕಾರಿ ಒಳ ಮೀಸಲಾತಿ ಹೋರಾಟಗಾರ
ಸರ್ಕಾರ ಒಳ ಮೀಸಲಾತಿ ಜಾರಿಗಾಗಿ ಮಾದಿಗ ಕ್ರಾಂತಿಕಾರಿ ಹೋರಾಟಗಾರರಿಂದ ಅರೆಬೆತ್ತಲೆ ಮೆರವಣಿಗೆ ನಡೆಸಲು ಮುಂದಾದ ಹೋರಾಟಗಾರರನ್ನು ಪೊಲೀಸರು ವಶಕ್ಕೆ ಪಡೆದರು. ಪಟ್ಟಣದ ಪ್ರಮುಖ ಬೀದಿಗಳಲ್ಲಿ ಮೆರವಣಿಗೆ ನಡೆಸಲು ಅನುಮತಿ ನೀಡದ ಕಾರಣ ಪೊಲೀಸರು ಮತ್ತು ಹೋರಾಟಗಾರರ ನಡುವೆ ಮಾತಿನ ಚಕಮಕಿ ನಡೆಯಿತು. ಸುಪ್ರೀಂ ಕೋರ್ಟ್ ಆದೇಶದಂತೆ ಒಳ ಮೀಸಲಾತಿಯನ್ನು ಶೀಘ್ರ ಜಾರಿಗೊಳಿಸಬೇಕು, ನ್ಯಾ.ನಾಗಮೋಹನ್ ದಾಸ್ ಆಯೋಗದ ವರದಿಯನ್ನು ಅನುಷ್ಠಾನಗೊಳಿಸಬೇಕು ಎಂದು ಹೋರಾಟಗಾರರು ಆಗ್ರಹಿಸಿದರು. ತಹಶೀಲ್ದಾರ್ ಕಚೇರಿ ಎದುರು ಧರಣಿ ನಡೆಸಿ ಸರ್ಕಾರದ ವಿರುದ್ಧ ಘೋಷಣೆ ಕೂಗಿದರು. ಮಾದಿಗ ದಂಡೋರ ಸಮಿತಿಯ ರಾಜ್ಯ ಮುಖಂಡರು, ತಾಲ್ಲೂಕು ಘಟಕದ ಪದಾಧಿಕಾರಿಗಳು ಹಾಗೂ ಕಾರ್ಯಕರ್ತರು ಭಾಗವಹಿಸಿದ್ದರು.
ಗುಡ್ಡಗಾಡು ಓಟದಲ್ಲಿ ರೋಹಿತ್, ಅಶ್ವಿನಿ ಪ್ರಥಮ
ಪ್ರತಿನಿಧಿ ಛಾಯಾಚಿತ್ರ
ಸರಗೂರು: ಪಟ್ಟಣದ ಸರ್ಕಾರಿ ಪ್ರಥಮ ದರ್ಜೆ ಕಾಲೇಜು ವತಿಯಿಂದ 2025-26ನೇ ಸಾಲಿನ ಮೈಸೂರು ವಿಶ್ವವಿದ್ಯಾನಿಲಯ ಅಂತರ ಕಾಲೇಜು ಮಟ್ಟದ ಗುಡ್ಡಗಾಡು ಓಟ ಸ್ಪರ್ಧೆಯನ್ನು ಆಯೋಜಿಸಲಾಗಿತ್ತು. ಕ್ರೀಡಾಕೂಟದಲ್ಲಿ ವಿವಿಧ ಕಾಲೇಜುಗಳ 200ಕ್ಕೂ ಹೆಚ್ಚು ವಿದ್ಯಾರ್ಥಿಗಳು ಭಾಗವಹಿಸಿದ್ದರು. ಪುರುಷರ ವಿಭಾಗದಲ್ಲಿ ರೋಹಿತ್ ಹಾಗೂ ಮಹಿಳೆಯರ ವಿಭಾಗದಲ್ಲಿ ಅಶ್ವಿನಿ ಪ್ರಥಮ ಸ್ಥಾನ ಪಡೆದರು. ವಿಜೇತರಿಗೆ ಪ್ರಾಂಶುಪಾಲರು ಬಹುಮಾನ ವಿತರಿಸಿ ಅಭಿನಂದಿಸಿದರು. ದೈಹಿಕ ಶಿಕ್ಷಣ ನಿರ್ದೇಶಕರು, ಉಪನ್ಯಾಸಕರು, ಸಿಬ್ಬಂದಿ ಹಾಗೂ ವಿದ್ಯಾರ್ಥಿಗಳು ಉಪಸ್ಥಿತರಿದ್ದರು.
